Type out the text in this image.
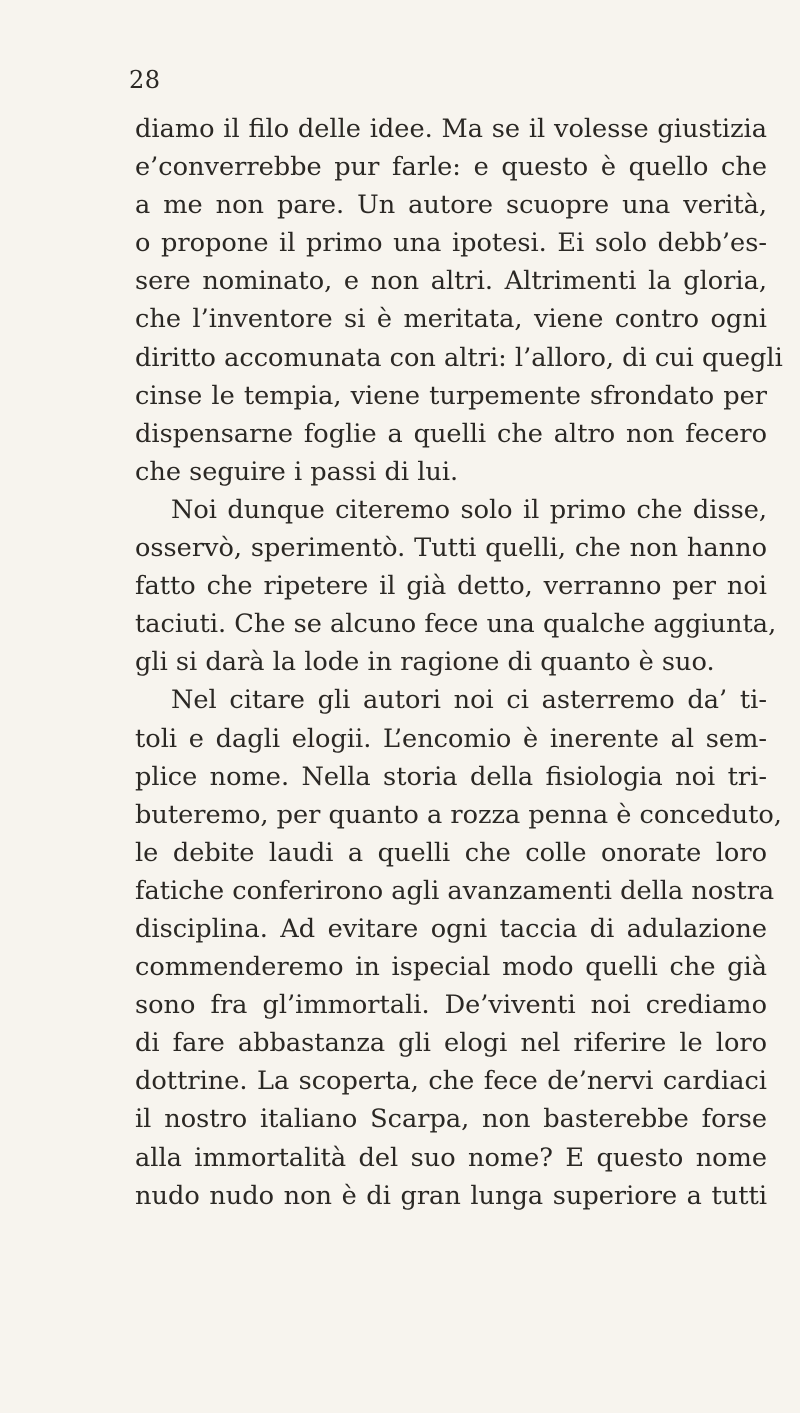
28
diamo il filo delle idee. Ma se il volesse giustizia
e’converrebbe pur farle: e questo è quello che
a me non pare. Un autore scuopre una verità,
o propone il primo una ipotesi. Ei solo debb’es-
sere nominato, e non altri. Altrimenti la gloria,
che l’inventore si è meritata, viene contro ogni
diritto accomunata con altri: l’alloro, di cui quegli
cinse le tempia, viene turpemente sfrondato per
dispensarne foglie a quelli che altro non fecero
che seguire i passi di lui.
Noi dunque citeremo solo il primo che disse,
osservò, sperimentò. Tutti quelli, che non hanno
fatto che ripetere il già detto, verranno per noi
taciuti. Che se alcuno fece una qualche aggiunta,
gli si darà la lode in ragione di quanto è suo.
Nel citare gli autori noi ci asterremo da’ ti-
toli e dagli elogii. L’encomio è inerente al sem-
plice nome. Nella storia della fisiologia noi tri-
buteremo, per quanto a rozza penna è conceduto,
le debite laudi a quelli che colle onorate loro
fatiche conferirono agli avanzamenti della nostra
disciplina. Ad evitare ogni taccia di adulazione
commenderemo in ispecial modo quelli che già
sono fra gl’immortali. De’viventi noi crediamo
di fare abbastanza gli elogi nel riferire le loro
dottrine. La scoperta, che fece de’nervi cardiaci
il nostro italiano Scarpa, non basterebbe forse
alla immortalità del suo nome? E questo nome
nudo nudo non è di gran lunga superiore a tutti
